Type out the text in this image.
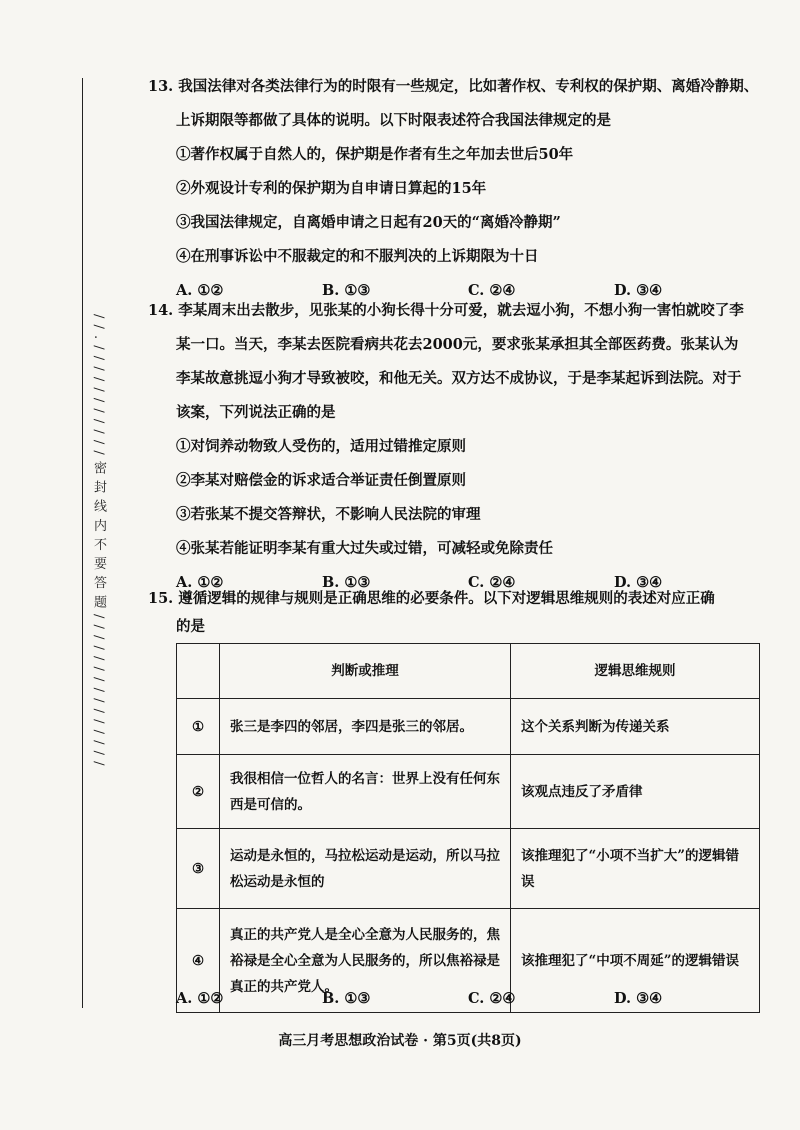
/ / . / / / / / / / / / / / 密 封 线 内 不 要 答 题 / / / / / / / / / / / / / / /
13. 我国法律对各类法律行为的时限有一些规定，比如著作权、专利权的保护期、离婚冷静期、
上诉期限等都做了具体的说明。以下时限表述符合我国法律规定的是
①著作权属于自然人的，保护期是作者有生之年加去世后50年
②外观设计专利的保护期为自申请日算起的15年
③我国法律规定，自离婚申请之日起有20天的“离婚冷静期”
④在刑事诉讼中不服裁定的和不服判决的上诉期限为十日
A. ①②	B. ①③	C. ②④	D. ③④
14. 李某周末出去散步，见张某的小狗长得十分可爱，就去逗小狗，不想小狗一害怕就咬了李
某一口。当天，李某去医院看病共花去2000元，要求张某承担其全部医药费。张某认为
李某故意挑逗小狗才导致被咬，和他无关。双方达不成协议，于是李某起诉到法院。对于
该案，下列说法正确的是
①对饲养动物致人受伤的，适用过错推定原则
②李某对赔偿金的诉求适合举证责任倒置原则
③若张某不提交答辩状，不影响人民法院的审理
④张某若能证明李某有重大过失或过错，可减轻或免除责任
A. ①②	B. ①③	C. ②④	D. ③④
15. 遵循逻辑的规律与规则是正确思维的必要条件。以下对逻辑思维规则的表述对应正确
的是
	判断或推理	逻辑思维规则
①	张三是李四的邻居，李四是张三的邻居。	这个关系判断为传递关系
②	我很相信一位哲人的名言：世界上没有任何东西是可信的。	该观点违反了矛盾律
③	运动是永恒的，马拉松运动是运动，所以马拉松运动是永恒的	该推理犯了“小项不当扩大”的逻辑错误
④	真正的共产党人是全心全意为人民服务的，焦裕禄是全心全意为人民服务的，所以焦裕禄是真正的共产党人。	该推理犯了“中项不周延”的逻辑错误
A. ①②	B. ①③	C. ②④	D. ③④
高三月考思想政治试卷 · 第5页(共8页)
